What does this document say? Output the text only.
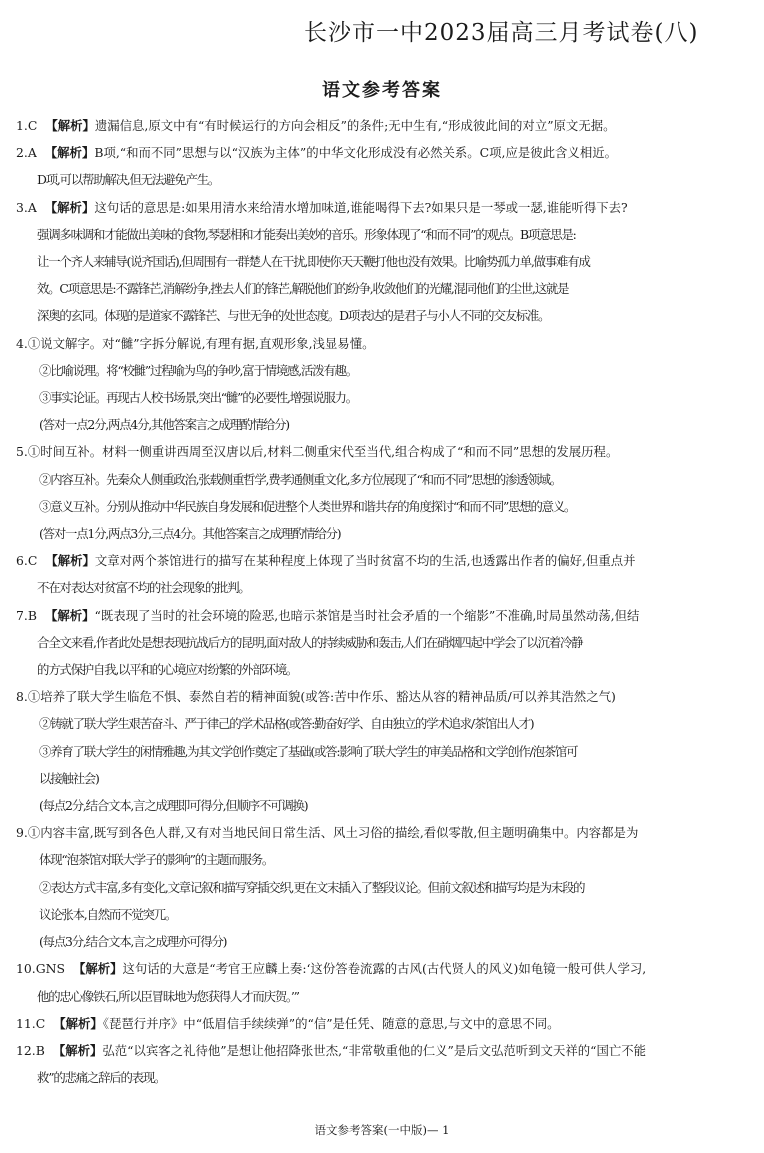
长沙市一中2023届高三月考试卷(八)
语文参考答案
1.C 【解析】遗漏信息,原文中有“有时候运行的方向会相反”的条件;无中生有,“形成彼此间的对立”原文无据。
2.A 【解析】B项,“和而不同”思想与以“汉族为主体”的中华文化形成没有必然关系。C项,应是彼此含义相近。
D项,可以帮助解决,但无法避免产生。
3.A 【解析】这句话的意思是:如果用清水来给清水增加味道,谁能喝得下去?如果只是一琴或一瑟,谁能听得下去?
强调多味调和才能做出美味的食物,琴瑟相和才能奏出美妙的音乐。形象体现了“和而不同”的观点。B项意思是:
让一个齐人来辅导(说齐国话),但周围有一群楚人在干扰,即使你天天鞭打他也没有效果。比喻势孤力单,做事难有成
效。C项意思是:不露锋芒,消解纷争,挫去人们的锋芒,解脱他们的纷争,收敛他们的光耀,混同他们的尘世,这就是
深奥的玄同。体现的是道家不露锋芒、与世无争的处世态度。D项表达的是君子与小人不同的交友标准。
4.①说文解字。对“雠”字拆分解说,有理有据,直观形象,浅显易懂。
②比喻说理。将“校雠”过程喻为鸟的争吵,富于情境感,活泼有趣。
③事实论证。再现古人校书场景,突出“雠”的必要性,增强说服力。
(答对一点2分,两点4分,其他答案言之成理酌情给分)
5.①时间互补。材料一侧重讲西周至汉唐以后,材料二侧重宋代至当代,组合构成了“和而不同”思想的发展历程。
②内容互补。先秦众人侧重政治,张载侧重哲学,费孝通侧重文化,多方位展现了“和而不同”思想的渗透领域。
③意义互补。分别从推动中华民族自身发展和促进整个人类世界和谐共存的角度探讨“和而不同”思想的意义。
(答对一点1分,两点3分,三点4分。其他答案言之成理酌情给分)
6.C 【解析】文章对两个茶馆进行的描写在某种程度上体现了当时贫富不均的生活,也透露出作者的偏好,但重点并
不在对表达对贫富不均的社会现象的批判。
7.B 【解析】“既表现了当时的社会环境的险恶,也暗示茶馆是当时社会矛盾的一个缩影”不准确,时局虽然动荡,但结
合全文来看,作者此处是想表现抗战后方的昆明,面对敌人的持续威胁和轰击,人们在硝烟四起中学会了以沉着冷静
的方式保护自我,以平和的心境应对纷繁的外部环境。
8.①培养了联大学生临危不惧、泰然自若的精神面貌(或答:苦中作乐、豁达从容的精神品质/可以养其浩然之气)
②铸就了联大学生艰苦奋斗、严于律己的学术品格(或答:勤奋好学、自由独立的学术追求/茶馆出人才)
③养育了联大学生的闲情雅趣,为其文学创作奠定了基础(或答:影响了联大学生的审美品格和文学创作/泡茶馆可
以接触社会)
(每点2分,结合文本,言之成理即可得分,但顺序不可调换)
9.①内容丰富,既写到各色人群,又有对当地民间日常生活、风土习俗的描绘,看似零散,但主题明确集中。内容都是为
体现“泡茶馆对联大学子的影响”的主题而服务。
②表达方式丰富,多有变化,文章记叙和描写穿插交织,更在文末插入了整段议论。但前文叙述和描写均是为末段的
议论张本,自然而不觉突兀。
(每点3分,结合文本,言之成理亦可得分)
10.GNS 【解析】这句话的大意是“考官王应麟上奏:‘这份答卷流露的古风(古代贤人的风义)如龟镜一般可供人学习,
他的忠心像铁石,所以臣冒昧地为您获得人才而庆贺。’”
11.C 【解析】《琵琶行并序》中“低眉信手续续弹”的“信”是任凭、随意的意思,与文中的意思不同。
12.B 【解析】弘范“以宾客之礼待他”是想让他招降张世杰,“非常敬重他的仁义”是后文弘范听到文天祥的“国亡不能
救”的悲痛之辞后的表现。
语文参考答案(一中版)— 1
